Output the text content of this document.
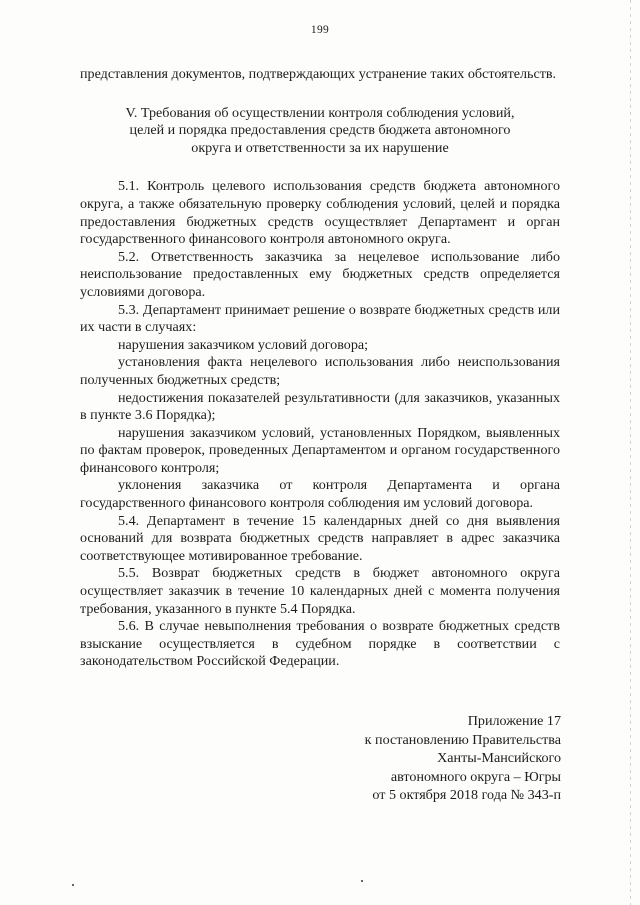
199

представления документов, подтверждающих устранение таких обстоятельств.

V. Требования об осуществлении контроля соблюдения условий,
целей и порядка предоставления средств бюджета автономного
округа и ответственности за их нарушение

5.1. Контроль целевого использования средств бюджета автономного округа, а также обязательную проверку соблюдения условий, целей и порядка предоставления бюджетных средств осуществляет Департамент и орган государственного финансового контроля автономного округа.

5.2. Ответственность заказчика за нецелевое использование либо неиспользование предоставленных ему бюджетных средств определяется условиями договора.

5.3. Департамент принимает решение о возврате бюджетных средств или их части в случаях:

нарушения заказчиком условий договора;

установления факта нецелевого использования либо неиспользования полученных бюджетных средств;

недостижения показателей результативности (для заказчиков, указанных в пункте 3.6 Порядка);

нарушения заказчиком условий, установленных Порядком, выявленных по фактам проверок, проведенных Департаментом и органом государственного финансового контроля;

уклонения заказчика от контроля Департамента и органа государственного финансового контроля соблюдения им условий договора.

5.4. Департамент в течение 15 календарных дней со дня выявления оснований для возврата бюджетных средств направляет в адрес заказчика соответствующее мотивированное требование.

5.5. Возврат бюджетных средств в бюджет автономного округа осуществляет заказчик в течение 10 календарных дней с момента получения требования, указанного в пункте 5.4 Порядка.

5.6. В случае невыполнения требования о возврате бюджетных средств взыскание осуществляется в судебном порядке в соответствии с законодательством Российской Федерации.

Приложение 17
к постановлению Правительства
Ханты-Мансийского
автономного округа – Югры
от 5 октября 2018 года № 343-п
